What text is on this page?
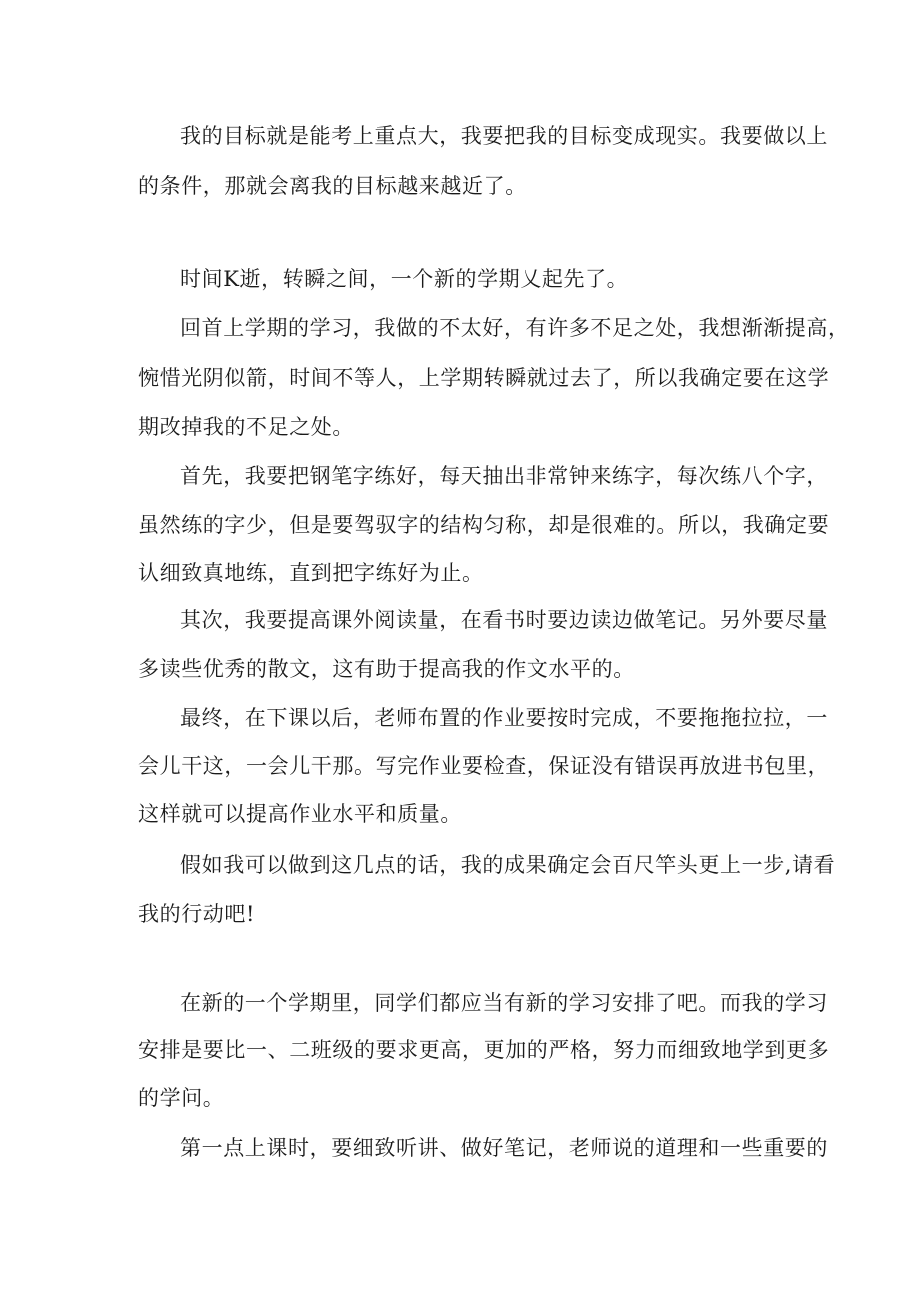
我的目标就是能考上重点大，我要把我的目标变成现实。我要做以上
的条件，那就会离我的目标越来越近了。
时间K逝，转瞬之间，一个新的学期乂起先了。
回首上学期的学习，我做的不太好，有许多不足之处，我想渐渐提高，
惋惜光阴似箭，时间不等人，上学期转瞬就过去了，所以我确定要在这学
期改掉我的不足之处。
首先，我要把钢笔字练好，每天抽出非常钟来练字，每次练八个字，
虽然练的字少，但是要驾驭字的结构匀称，却是很难的。所以，我确定要
认细致真地练，直到把字练好为止。
其次，我要提高课外阅读量，在看书时要边读边做笔记。另外要尽量
多读些优秀的散文，这有助于提高我的作文水平的。
最终，在下课以后，老师布置的作业要按时完成，不要拖拖拉拉，一
会儿干这，一会儿干那。写完作业要检查，保证没有错误再放进书包里，
这样就可以提高作业水平和质量。
假如我可以做到这几点的话，我的成果确定会百尺竿头更上一步,请看
我的行动吧!
在新的一个学期里，同学们都应当有新的学习安排了吧。而我的学习
安排是要比一、二班级的要求更高，更加的严格，努力而细致地学到更多
的学问。
第一点上课时，要细致听讲、做好笔记，老师说的道理和一些重要的
